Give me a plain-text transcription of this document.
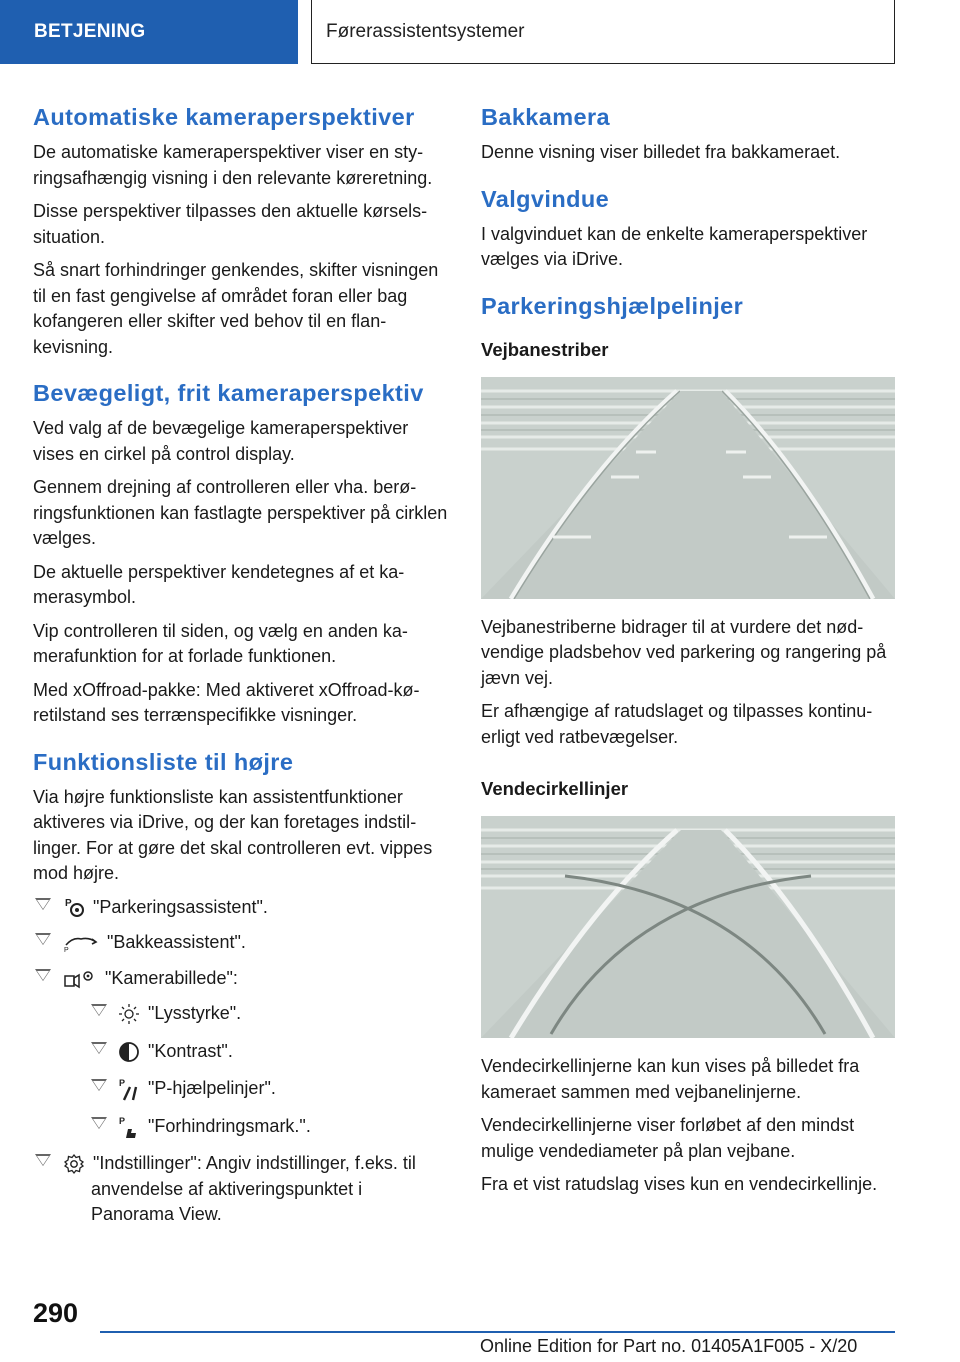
BETJENING	Førerassistentsystemer
Automatiske kameraperspektiver

De automatiske kameraperspektiver viser en styringsafhængig visning i den relevante køreretning.

Disse perspektiver tilpasses den aktuelle kørselssituation.

Så snart forhindringer genkendes, skifter visningen til en fast gengivelse af området foran eller bag kofangeren eller skifter ved behov til en flankevisning.

Bevægeligt, frit kameraperspektiv

Ved valg af de bevægelige kameraperspektiver vises en cirkel på control display.

Gennem drejning af controlleren eller vha. berøringsfunktionen kan fastlagte perspektiver på cirklen vælges.

De aktuelle perspektiver kendetegnes af et kamerasymbol.

Vip controlleren til siden, og vælg en anden kamerafunktion for at forlade funktionen.

Med xOffroad-pakke: Med aktiveret xOffroad-køretilstand ses terrænspecifikke visninger.

Funktionsliste til højre

Via højre funktionsliste kan assistentfunktioner aktiveres via iDrive, og der kan foretages indstillinger. For at gøre det skal controlleren evt. vippes mod højre.

P "Parkeringsassistent".
P "Bakkeassistent".
"Kamerabillede":
"Lysstyrke".
"Kontrast".
P "P-hjælpelinjer".
P "Forhindringsmark.".
"Indstillinger": Angiv indstillinger, f.eks. til anvendelse af aktiveringspunktet i Panorama View.
Bakkamera

Denne visning viser billedet fra bakkameraet.

Valgvindue

I valgvinduet kan de enkelte kameraperspektiver vælges via iDrive.

Parkeringshjælpelinjer
Vejbanestriber

Vejbanestriberne bidrager til at vurdere det nødvendige pladsbehov ved parkering og rangering på jævn vej.

Er afhængige af ratudslaget og tilpasses kontinuerligt ved ratbevægelser.

Vendecirkellinjer

Vendecirkellinjerne kan kun vises på billedet fra kameraet sammen med vejbanelinjerne.

Vendecirkellinjerne viser forløbet af den mindst mulige vendediameter på plan vejbane.

Fra et vist ratudslag vises kun en vendecirkellinje.

290
Online Edition for Part no. 01405A1F005 - X/20
